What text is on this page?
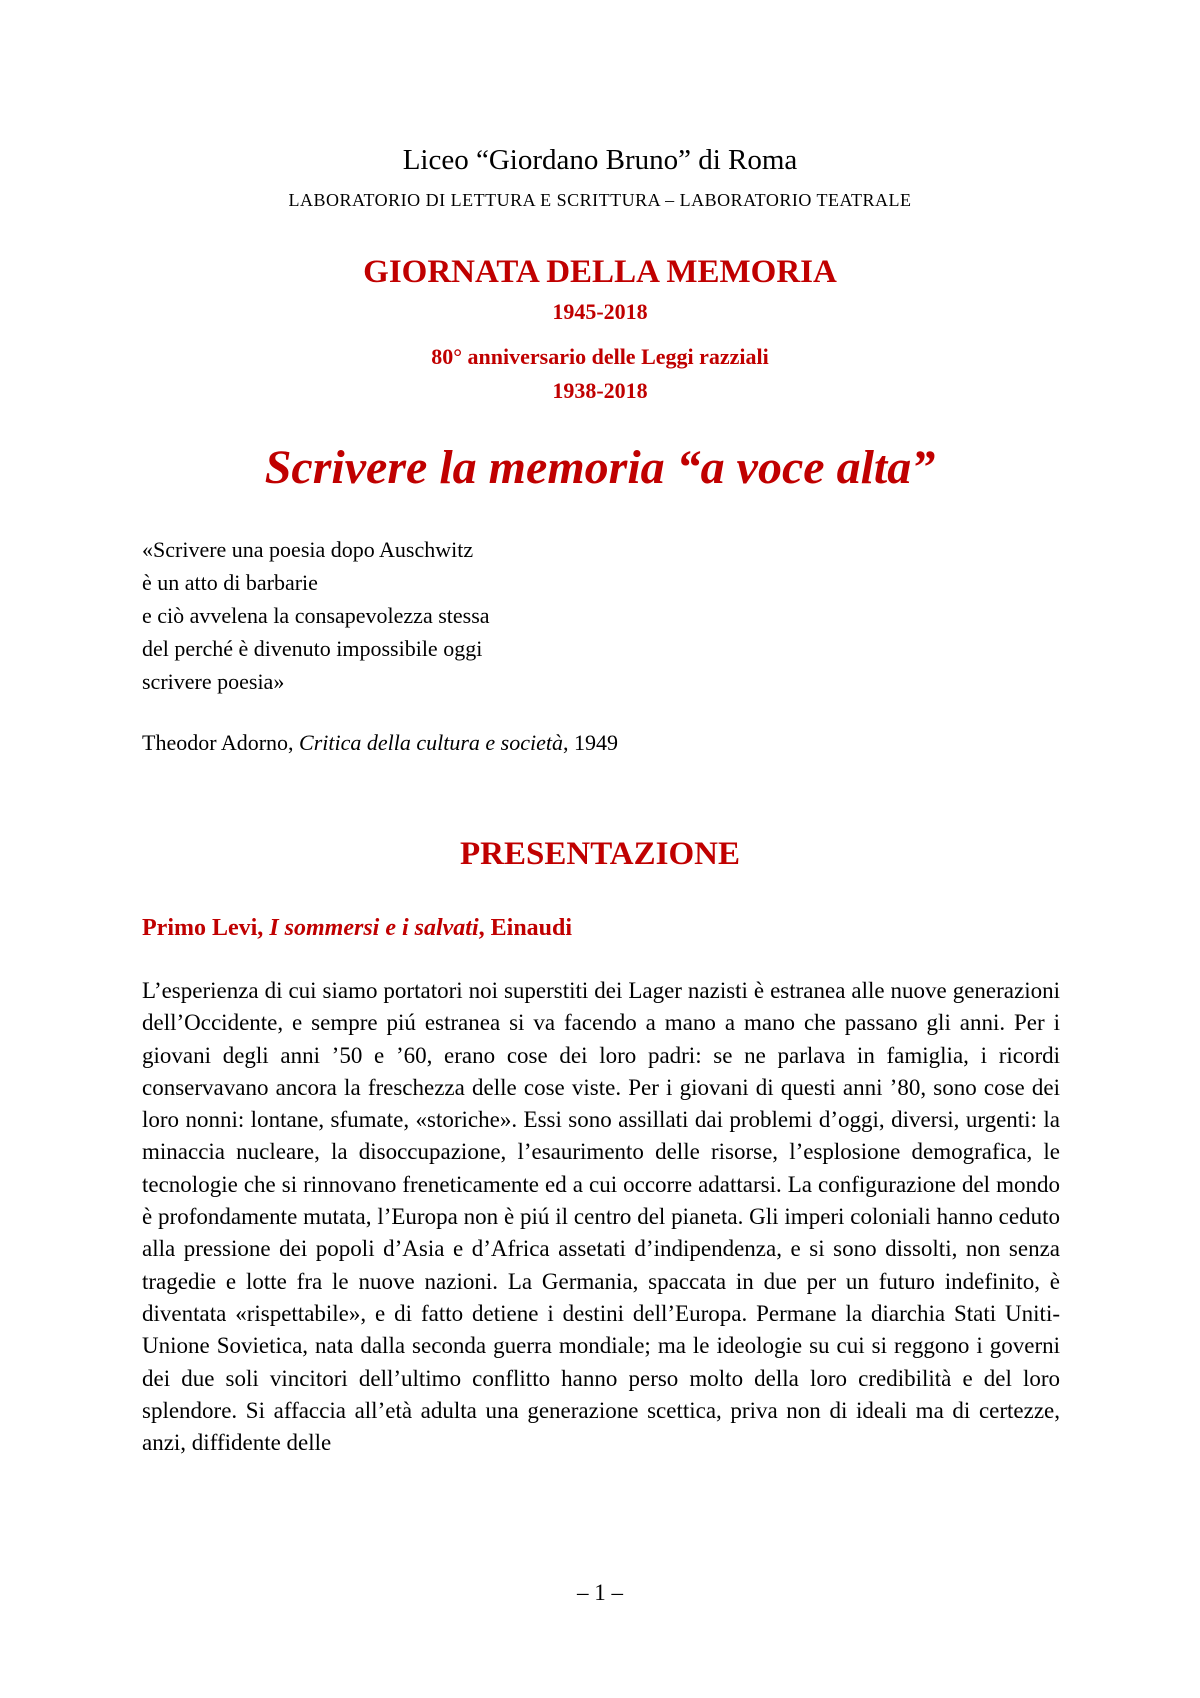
Liceo “Giordano Bruno” di Roma
LABORATORIO DI LETTURA E SCRITTURA – LABORATORIO TEATRALE
GIORNATA DELLA MEMORIA
1945-2018
80° anniversario delle Leggi razziali
1938-2018
Scrivere la memoria “a voce alta”
«Scrivere una poesia dopo Auschwitz
è un atto di barbarie
e ciò avvelena la consapevolezza stessa
del perché è divenuto impossibile oggi
scrivere poesia»
Theodor Adorno, Critica della cultura e società, 1949
PRESENTAZIONE
Primo Levi, I sommersi e i salvati, Einaudi
L’esperienza di cui siamo portatori noi superstiti dei Lager nazisti è estranea alle nuove generazioni dell’Occidente, e sempre piú estranea si va facendo a mano a mano che passano gli anni. Per i giovani degli anni ’50 e ’60, erano cose dei loro padri: se ne parlava in famiglia, i ricordi conservavano ancora la freschezza delle cose viste. Per i giovani di questi anni ’80, sono cose dei loro nonni: lontane, sfumate, «storiche». Essi sono assillati dai problemi d’oggi, diversi, urgenti: la minaccia nucleare, la disoccupazione, l’esaurimento delle risorse, l’esplosione demografica, le tecnologie che si rinnovano freneticamente ed a cui occorre adattarsi. La configurazione del mondo è profondamente mutata, l’Europa non è piú il centro del pianeta. Gli imperi coloniali hanno ceduto alla pressione dei popoli d’Asia e d’Africa assetati d’indipendenza, e si sono dissolti, non senza tragedie e lotte fra le nuove nazioni. La Germania, spaccata in due per un futuro indefinito, è diventata «rispettabile», e di fatto detiene i destini dell’Europa. Permane la diarchia Stati Uniti-Unione Sovietica, nata dalla seconda guerra mondiale; ma le ideologie su cui si reggono i governi dei due soli vincitori dell’ultimo conflitto hanno perso molto della loro credibilità e del loro splendore. Si affaccia all’età adulta una generazione scettica, priva non di ideali ma di certezze, anzi, diffidente delle
– 1 –
